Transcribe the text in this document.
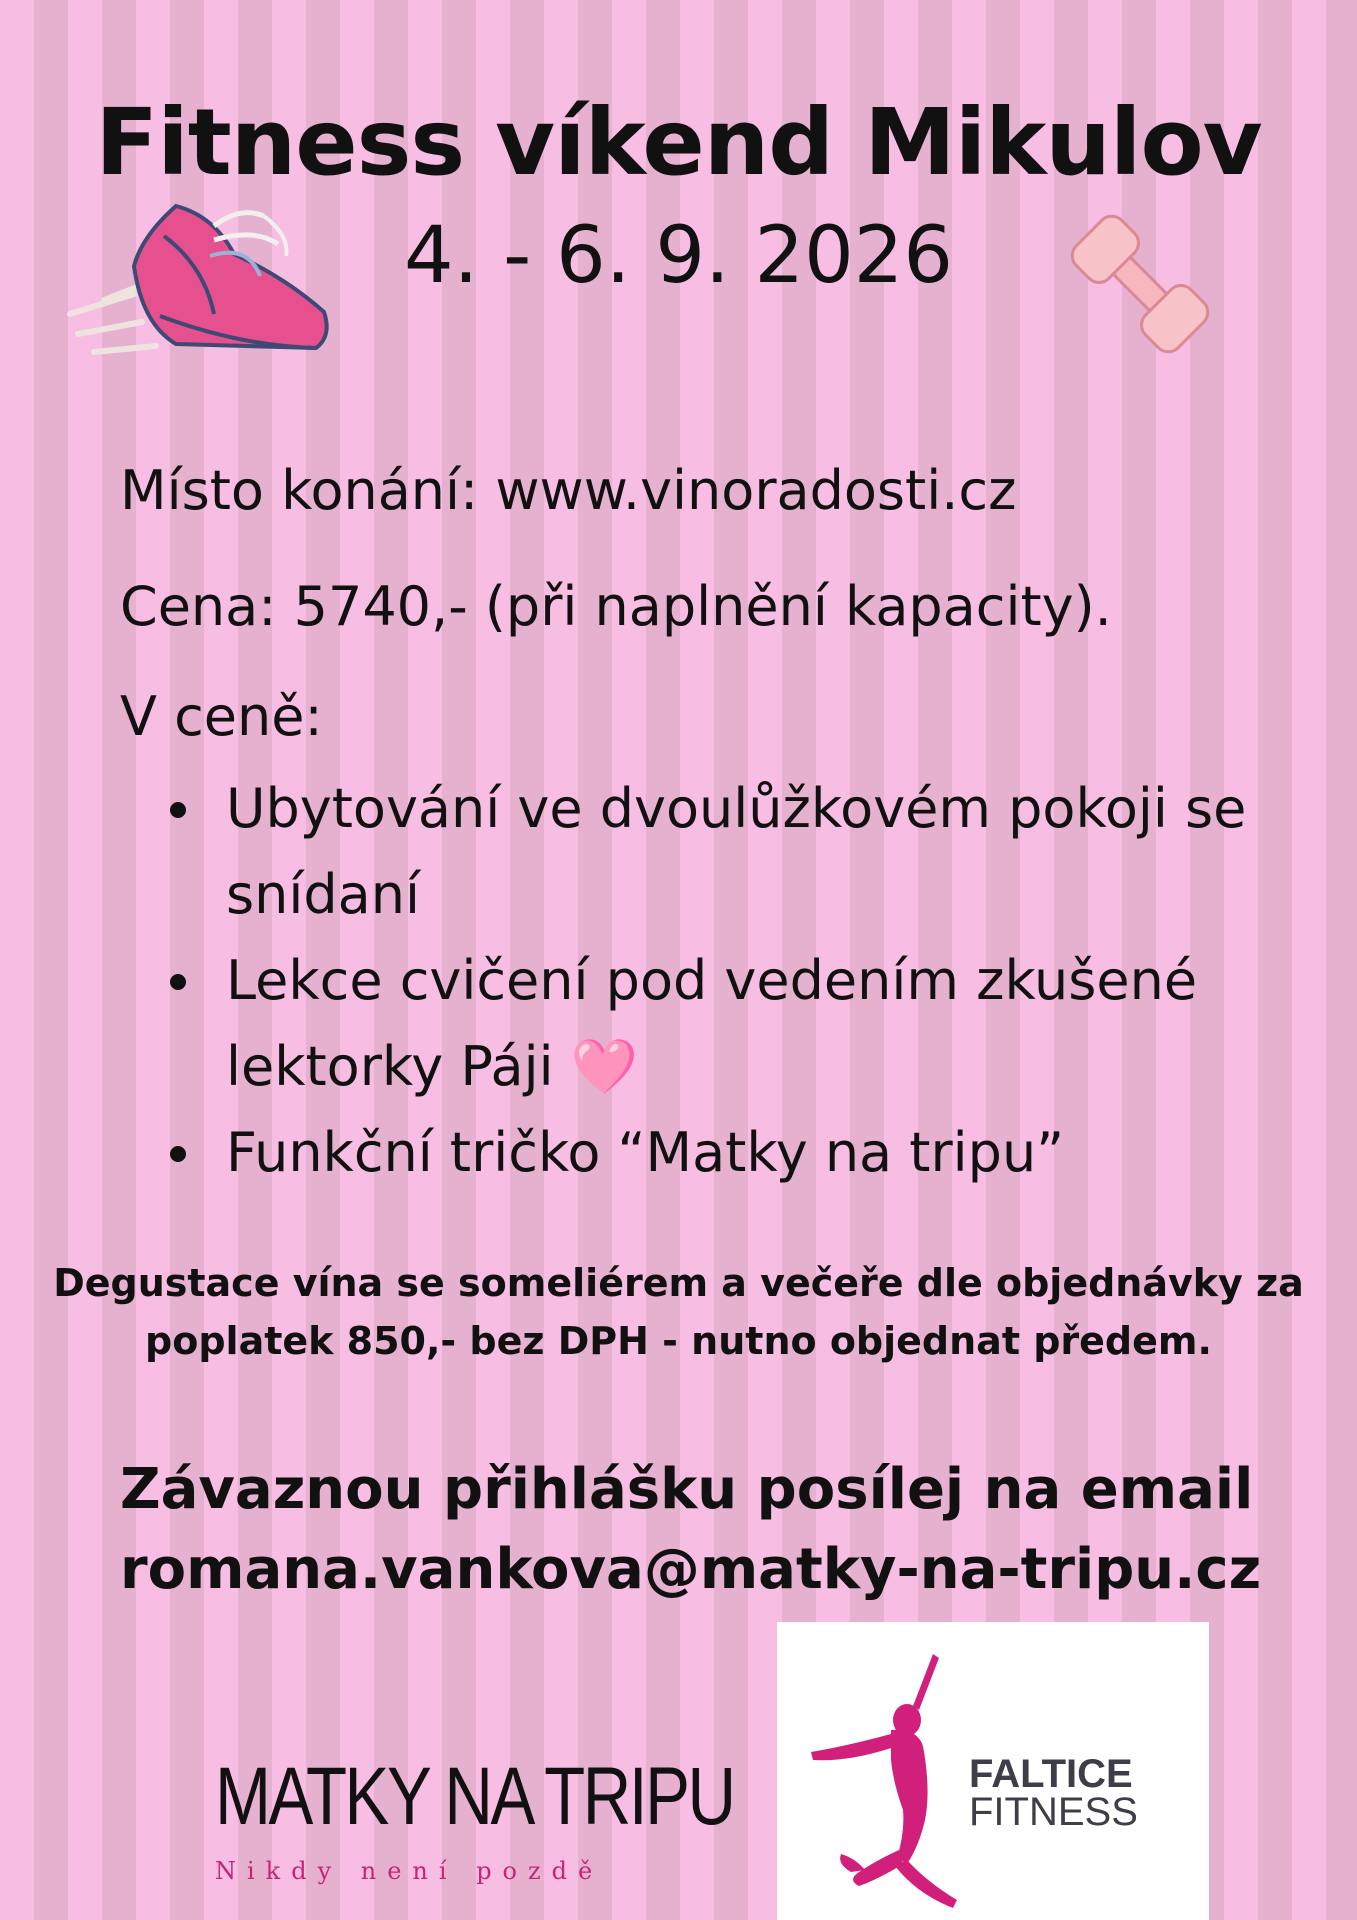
Fitness víkend Mikulov
4. - 6. 9. 2026
Místo konání: www.vinoradosti.cz
Cena: 5740,- (při naplnění kapacity).
V ceně:
Ubytování ve dvoulůžkovém pokoji se snídaní
Lekce cvičení pod vedením zkušené lektorky Páji 🩷
Funkční tričko “Matky na tripu”
Degustace vína se someliérem a večeře dle objednávky za poplatek 850,- bez DPH - nutno objednat předem.
Závaznou přihlášku posílej na email
romana.vankova@matky-na-tripu.cz
MATKY NA TRIPU
Nikdy není pozdě
FALTICE
FITNESS
